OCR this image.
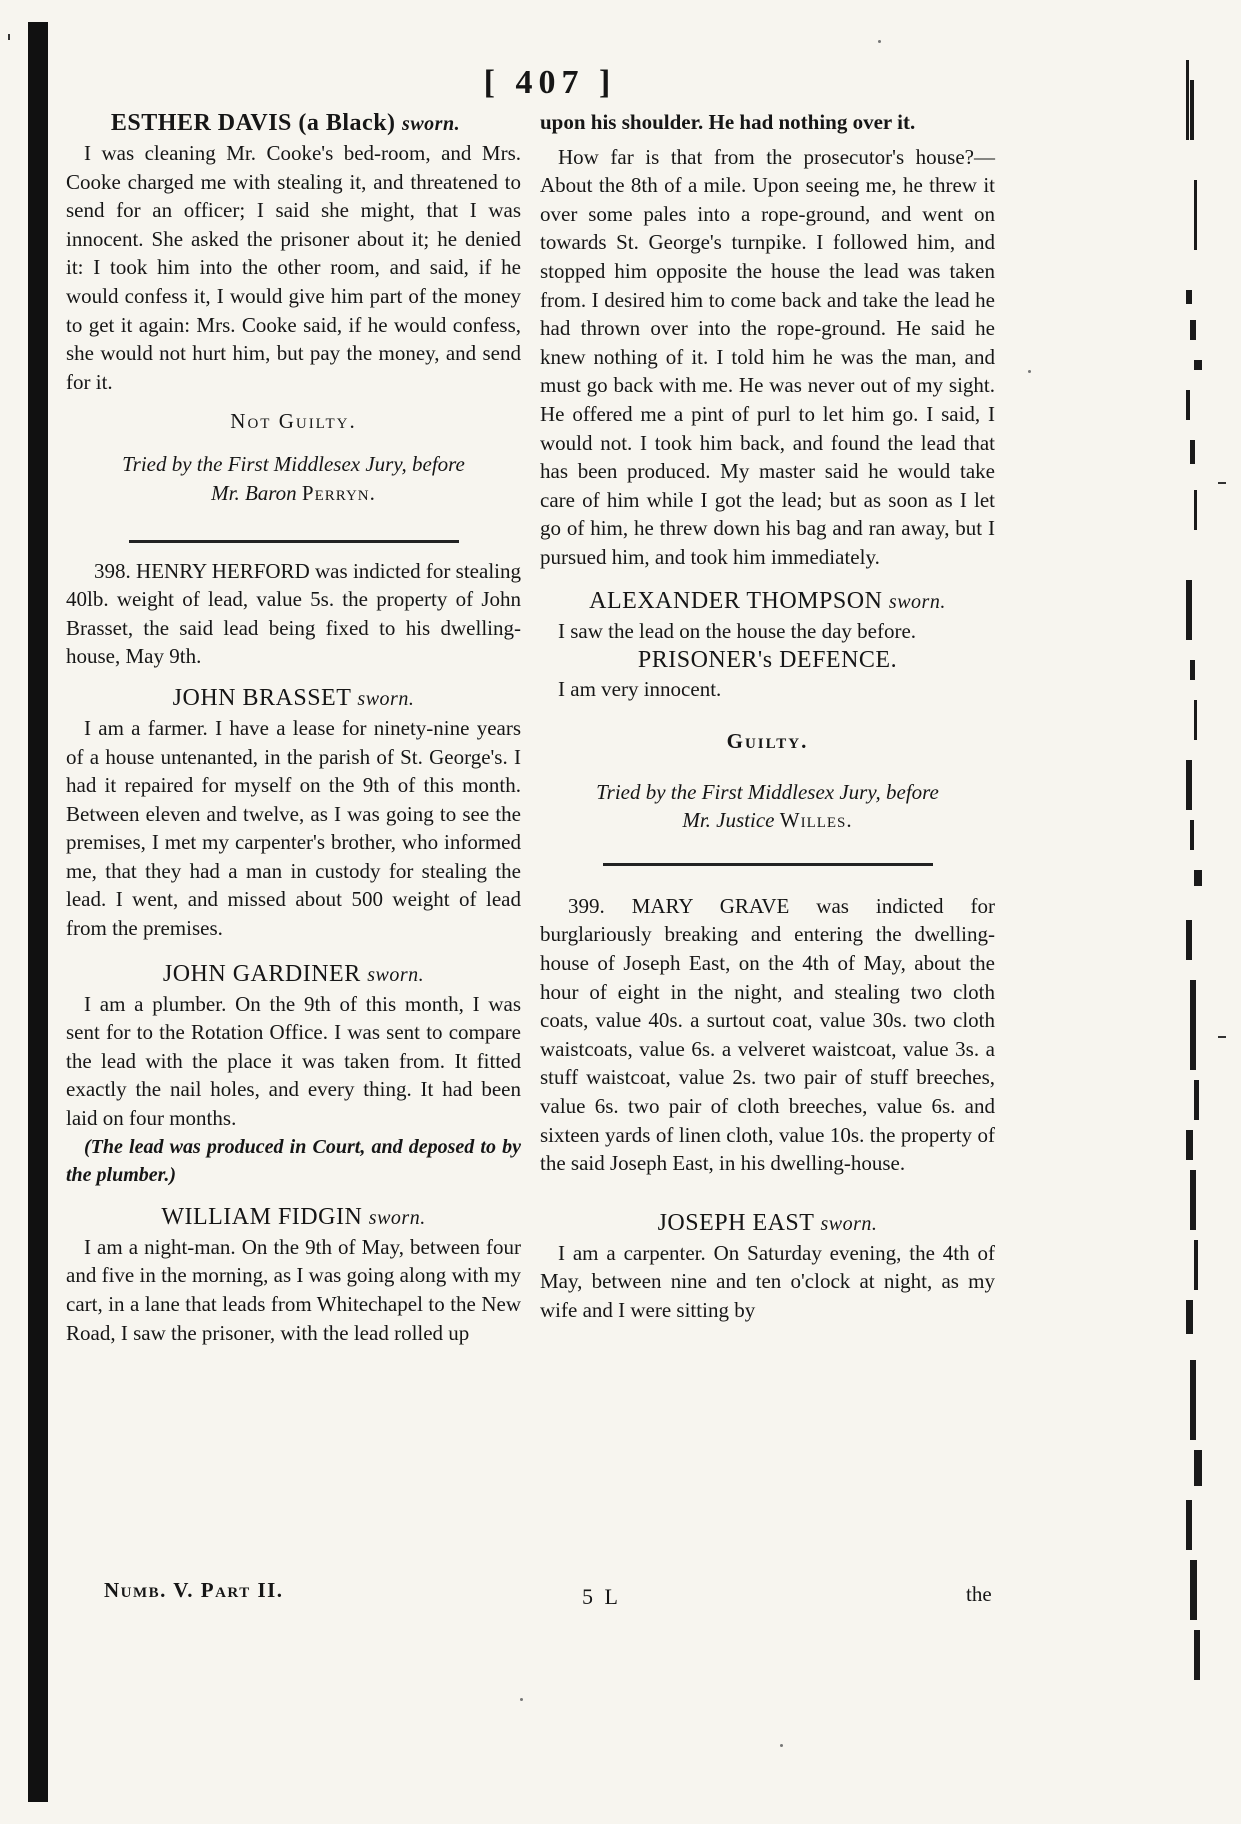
[ 407 ]

ESTHER DAVIS (a Black) sworn.

I was cleaning Mr. Cooke's bed-room, and Mrs. Cooke charged me with stealing it, and threatened to send for an officer; I said she might, that I was innocent. She asked the prisoner about it; he denied it: I took him into the other room, and said, if he would confess it, I would give him part of the money to get it again: Mrs. Cooke said, if he would confess, she would not hurt him, but pay the money, and send for it.

Not Guilty.

Tried by the First Middlesex Jury, before

Mr. Baron Perryn.

398. HENRY HERFORD was indicted for stealing 40lb. weight of lead, value 5s. the property of John Brasset, the said lead being fixed to his dwelling-house, May 9th.

JOHN BRASSET sworn.

I am a farmer. I have a lease for ninety-nine years of a house untenanted, in the parish of St. George's. I had it repaired for myself on the 9th of this month. Between eleven and twelve, as I was going to see the premises, I met my carpenter's brother, who informed me, that they had a man in custody for stealing the lead. I went, and missed about 500 weight of lead from the premises.

JOHN GARDINER sworn.

I am a plumber. On the 9th of this month, I was sent for to the Rotation Office. I was sent to compare the lead with the place it was taken from. It fitted exactly the nail holes, and every thing. It had been laid on four months.

(The lead was produced in Court, and deposed to by the plumber.)

WILLIAM FIDGIN sworn.

I am a night-man. On the 9th of May, between four and five in the morning, as I was going along with my cart, in a lane that leads from Whitechapel to the New Road, I saw the prisoner, with the lead rolled up

upon his shoulder. He had nothing over it.

How far is that from the prosecutor's house?—About the 8th of a mile. Upon seeing me, he threw it over some pales into a rope-ground, and went on towards St. George's turnpike. I followed him, and stopped him opposite the house the lead was taken from. I desired him to come back and take the lead he had thrown over into the rope-ground. He said he knew nothing of it. I told him he was the man, and must go back with me. He was never out of my sight. He offered me a pint of purl to let him go. I said, I would not. I took him back, and found the lead that has been produced. My master said he would take care of him while I got the lead; but as soon as I let go of him, he threw down his bag and ran away, but I pursued him, and took him immediately.

ALEXANDER THOMPSON sworn.

I saw the lead on the house the day before.

PRISONER's DEFENCE.

I am very innocent.

Guilty.

Tried by the First Middlesex Jury, before

Mr. Justice Willes.

399. MARY GRAVE was indicted for burglariously breaking and entering the dwelling-house of Joseph East, on the 4th of May, about the hour of eight in the night, and stealing two cloth coats, value 40s. a surtout coat, value 30s. two cloth waistcoats, value 6s. a velveret waistcoat, value 3s. a stuff waistcoat, value 2s. two pair of stuff breeches, value 6s. two pair of cloth breeches, value 6s. and sixteen yards of linen cloth, value 10s. the property of the said Joseph East, in his dwelling-house.

JOSEPH EAST sworn.

I am a carpenter. On Saturday evening, the 4th of May, between nine and ten o'clock at night, as my wife and I were sitting by

Numb. V. Part II.	5 L	the
